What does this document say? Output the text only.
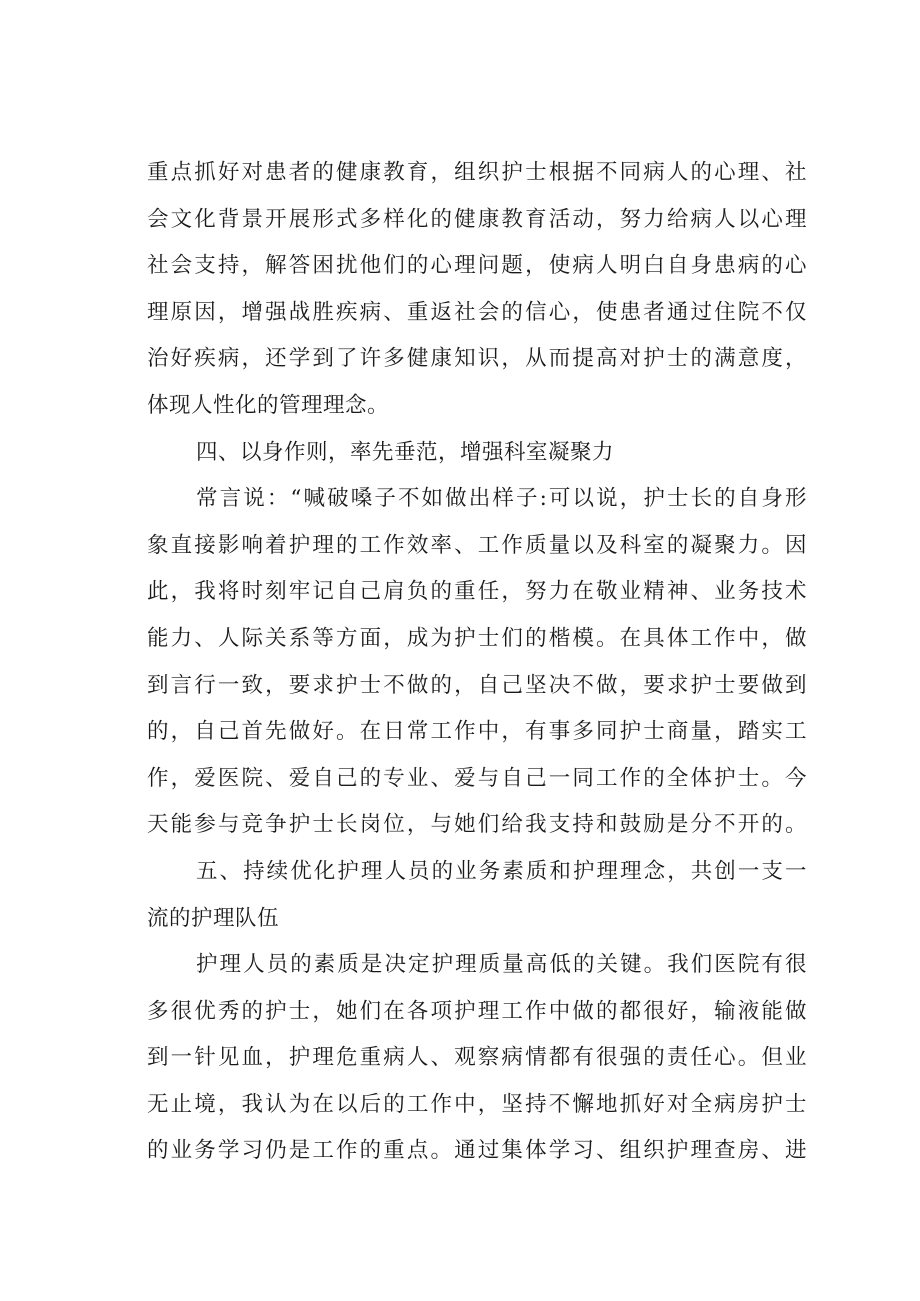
重点抓好对患者的健康教育，组织护士根据不同病人的心理、社
会文化背景开展形式多样化的健康教育活动，努力给病人以心理
社会支持，解答困扰他们的心理问题，使病人明白自身患病的心
理原因，增强战胜疾病、重返社会的信心，使患者通过住院不仅
治好疾病，还学到了许多健康知识，从而提高对护士的满意度，
体现人性化的管理理念。
四、以身作则，率先垂范，增强科室凝聚力
常言说：“喊破嗓子不如做出样子:可以说，护士长的自身形
象直接影响着护理的工作效率、工作质量以及科室的凝聚力。因
此，我将时刻牢记自己肩负的重任，努力在敬业精神、业务技术
能力、人际关系等方面，成为护士们的楷模。在具体工作中，做
到言行一致，要求护士不做的，自己坚决不做，要求护士要做到
的，自己首先做好。在日常工作中，有事多同护士商量，踏实工
作，爱医院、爱自己的专业、爱与自己一同工作的全体护士。今
天能参与竞争护士长岗位，与她们给我支持和鼓励是分不开的。
五、持续优化护理人员的业务素质和护理理念，共创一支一
流的护理队伍
护理人员的素质是决定护理质量高低的关键。我们医院有很
多很优秀的护士，她们在各项护理工作中做的都很好，输液能做
到一针见血，护理危重病人、观察病情都有很强的责任心。但业
无止境，我认为在以后的工作中，坚持不懈地抓好对全病房护士
的业务学习仍是工作的重点。通过集体学习、组织护理查房、进
